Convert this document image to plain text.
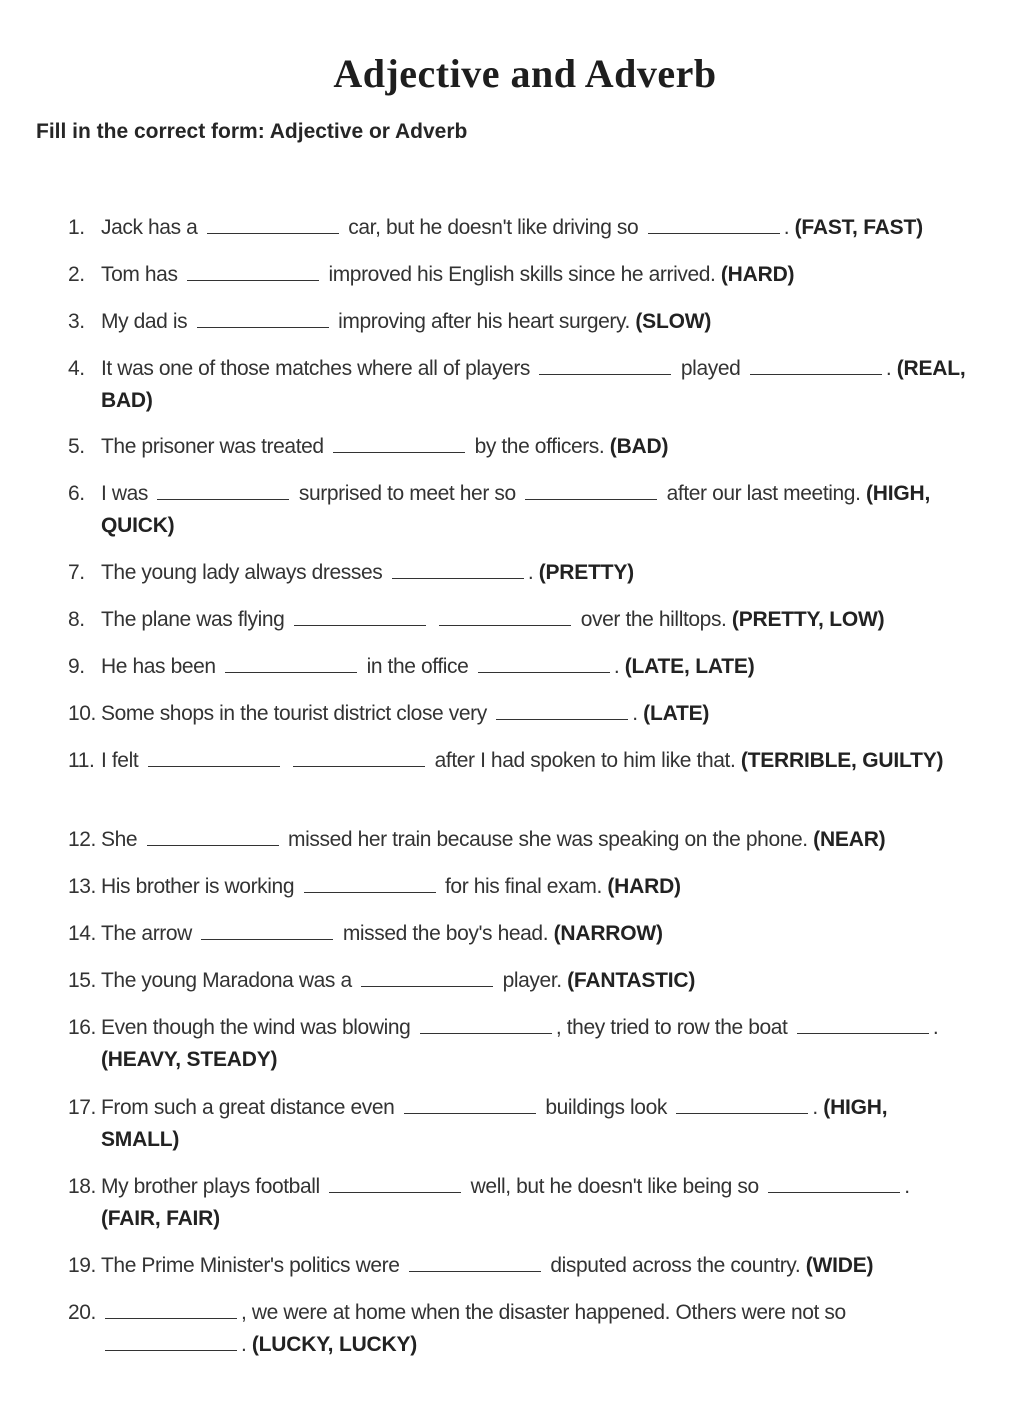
Adjective and Adverb
Fill in the correct form: Adjective or Adverb
1. Jack has a	car, but he doesn't like driving so	. (FAST, FAST)
2. Tom has	improved his English skills since he arrived. (HARD)
3. My dad is	improving after his heart surgery. (SLOW)
4. It was one of those matches where all of players	played	. (REAL, BAD)
5. The prisoner was treated	by the officers. (BAD)
6. I was	surprised to meet her so	after our last meeting. (HIGH, QUICK)
7. The young lady always dresses	. (PRETTY)
8. The plane was flying	over the hilltops. (PRETTY, LOW)
9. He has been	in the office	. (LATE, LATE)
10. Some shops in the tourist district close very	. (LATE)
11. I felt	after I had spoken to him like that. (TERRIBLE, GUILTY)
12. She	missed her train because she was speaking on the phone. (NEAR)
13. His brother is working	for his final exam. (HARD)
14. The arrow	missed the boy's head. (NARROW)
15. The young Maradona was a	player. (FANTASTIC)
16. Even though the wind was blowing	, they tried to row the boat	. (HEAVY, STEADY)
17. From such a great distance even	buildings look	. (HIGH, SMALL)
18. My brother plays football	well, but he doesn't like being so	. (FAIR, FAIR)
19. The Prime Minister's politics were	disputed across the country. (WIDE)
20.	, we were at home when the disaster happened. Others were not so . (LUCKY, LUCKY)
